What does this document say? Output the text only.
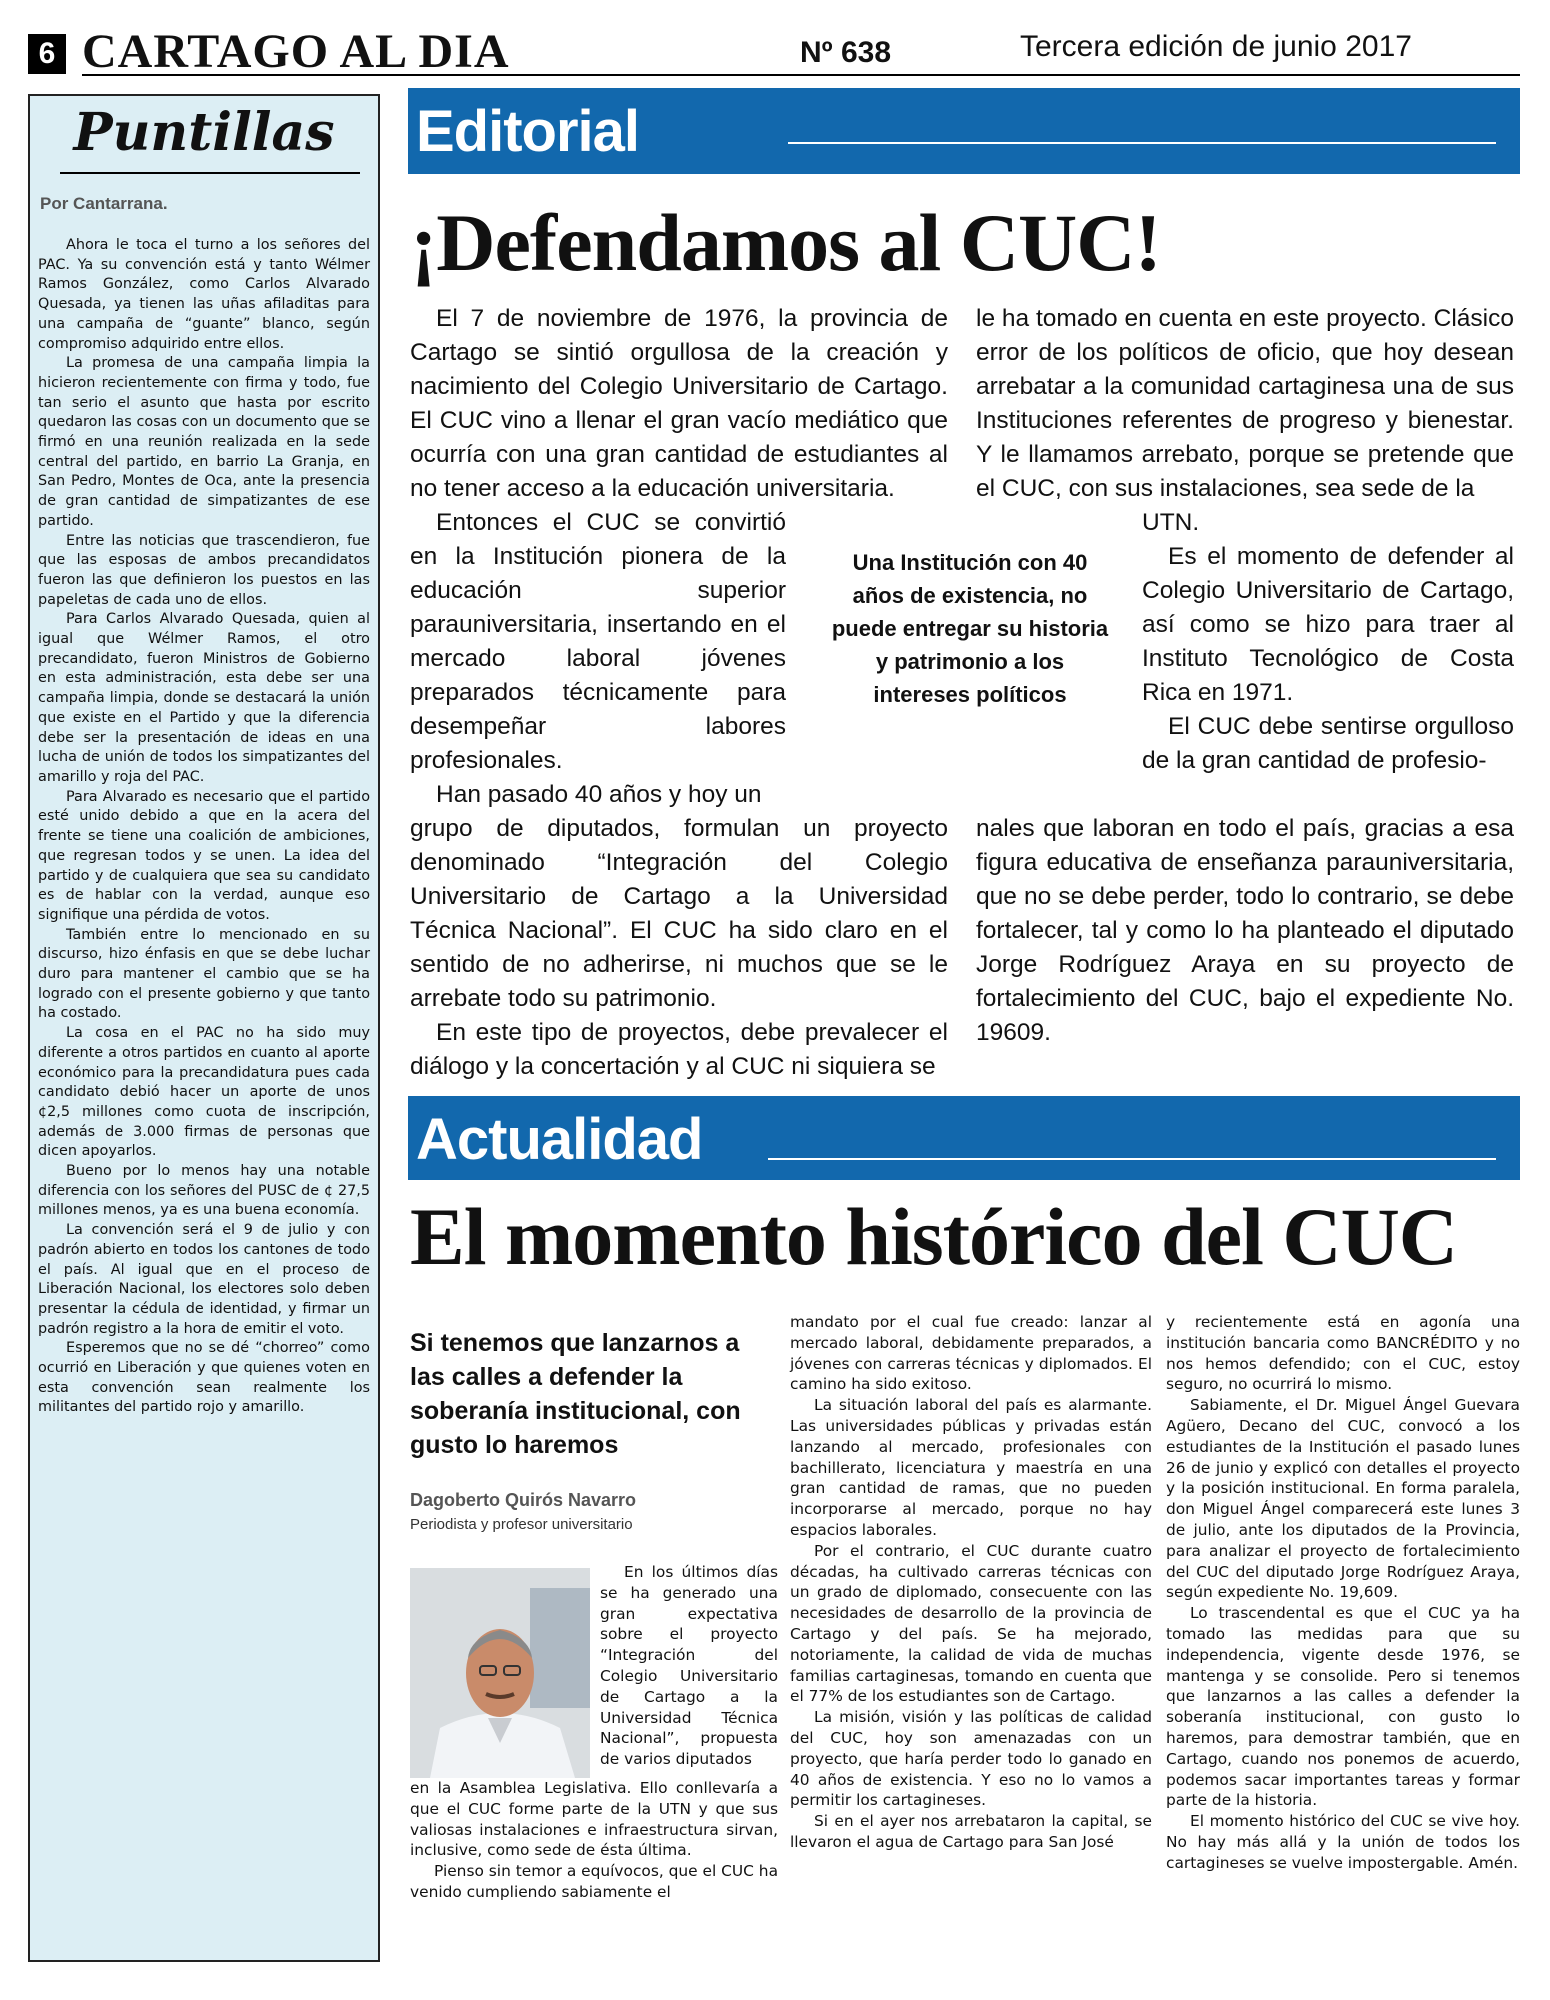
6 CARTAGO AL DIA	Nº 638	Tercera edición de junio 2017
Puntillas
Por Cantarrana.

Ahora le toca el turno a los señores del PAC. Ya su convención está y tanto Wélmer Ramos González, como Carlos Alvarado Quesada, ya tienen las uñas afiladitas para una campaña de “guante” blanco, según compromiso adquirido entre ellos.

La promesa de una campaña limpia la hicieron recientemente con firma y todo, fue tan serio el asunto que hasta por escrito quedaron las cosas con un documento que se firmó en una reunión realizada en la sede central del partido, en barrio La Granja, en San Pedro, Montes de Oca, ante la presencia de gran cantidad de simpatizantes de ese partido.

Entre las noticias que trascendieron, fue que las esposas de ambos precandidatos fueron las que definieron los puestos en las papeletas de cada uno de ellos.

Para Carlos Alvarado Quesada, quien al igual que Wélmer Ramos, el otro precandidato, fueron Ministros de Gobierno en esta administración, esta debe ser una campaña limpia, donde se destacará la unión que existe en el Partido y que la diferencia debe ser la presentación de ideas en una lucha de unión de todos los simpatizantes del amarillo y roja del PAC.

Para Alvarado es necesario que el partido esté unido debido a que en la acera del frente se tiene una coalición de ambiciones, que regresan todos y se unen. La idea del partido y de cualquiera que sea su candidato es de hablar con la verdad, aunque eso signifique una pérdida de votos.

También entre lo mencionado en su discurso, hizo énfasis en que se debe luchar duro para mantener el cambio que se ha logrado con el presente gobierno y que tanto ha costado.

La cosa en el PAC no ha sido muy diferente a otros partidos en cuanto al aporte económico para la precandidatura pues cada candidato debió hacer un aporte de unos ¢2,5 millones como cuota de inscripción, además de 3.000 firmas de personas que dicen apoyarlos.

Bueno por lo menos hay una notable diferencia con los señores del PUSC de ¢ 27,5 millones menos, ya es una buena economía.

La convención será el 9 de julio y con padrón abierto en todos los cantones de todo el país. Al igual que en el proceso de Liberación Nacional, los electores solo deben presentar la cédula de identidad, y firmar un padrón registro a la hora de emitir el voto.

Esperemos que no se dé “chorreo” como ocurrió en Liberación y que quienes voten en esta convención sean realmente los militantes del partido rojo y amarillo.

Editorial
¡Defendamos al CUC!

El 7 de noviembre de 1976, la provincia de Cartago se sintió orgullosa de la creación y nacimiento del Colegio Universitario de Cartago. El CUC vino a llenar el gran vacío mediático que ocurría con una gran cantidad de estudiantes al no tener acceso a la educación universitaria.

Entonces el CUC se convirtió en la Institución pionera de la educación superior parauniversitaria, insertando en el mercado laboral jóvenes preparados técnicamente para desempeñar labores profesionales.

Han pasado 40 años y hoy un

grupo de diputados, formulan un proyecto denominado “Integración del Colegio Universitario de Cartago a la Universidad Técnica Nacional”. El CUC ha sido claro en el sentido de no adherirse, ni muchos que se le arrebate todo su patrimonio.

En este tipo de proyectos, debe prevalecer el diálogo y la concertación y al CUC ni siquiera se

le ha tomado en cuenta en este proyecto. Clásico error de los políticos de oficio, que hoy desean arrebatar a la comunidad cartaginesa una de sus Instituciones referentes de progreso y bienestar. Y le llamamos arrebato, porque se pretende que el CUC, con sus instalaciones, sea sede de la

UTN.

Es el momento de defender al Colegio Universitario de Cartago, así como se hizo para traer al Instituto Tecnológico de Costa Rica en 1971.

El CUC debe sentirse orgulloso de la gran cantidad de profesio-

nales que laboran en todo el país, gracias a esa figura educativa de enseñanza parauniversitaria, que no se debe perder, todo lo contrario, se debe fortalecer, tal y como lo ha planteado el diputado Jorge Rodríguez Araya en su proyecto de fortalecimiento del CUC, bajo el expediente No. 19609.

Una Institución con 40 años de existencia, no puede entregar su historia y patrimonio a los intereses políticos
Actualidad
El momento histórico del CUC
Si tenemos que lanzarnos a las calles a defender la soberanía institucional, con gusto lo haremos
Dagoberto Quirós Navarro
Periodista y profesor universitario

En los últimos días se ha generado una gran expectativa sobre el proyecto “Integración del Colegio Universitario de Cartago a la Universidad Técnica Nacional”, propuesta de varios diputados

en la Asamblea Legislativa. Ello conllevaría a que el CUC forme parte de la UTN y que sus valiosas instalaciones e infraestructura sirvan, inclusive, como sede de ésta última.

Pienso sin temor a equívocos, que el CUC ha venido cumpliendo sabiamente el

mandato por el cual fue creado: lanzar al mercado laboral, debidamente preparados, a jóvenes con carreras técnicas y diplomados. El camino ha sido exitoso.

La situación laboral del país es alarmante. Las universidades públicas y privadas están lanzando al mercado, profesionales con bachillerato, licenciatura y maestría en una gran cantidad de ramas, que no pueden incorporarse al mercado, porque no hay espacios laborales.

Por el contrario, el CUC durante cuatro décadas, ha cultivado carreras técnicas con un grado de diplomado, consecuente con las necesidades de desarrollo de la provincia de Cartago y del país. Se ha mejorado, notoriamente, la calidad de vida de muchas familias cartaginesas, tomando en cuenta que el 77% de los estudiantes son de Cartago.

La misión, visión y las políticas de calidad del CUC, hoy son amenazadas con un proyecto, que haría perder todo lo ganado en 40 años de existencia. Y eso no lo vamos a permitir los cartagineses.

Si en el ayer nos arrebataron la capital, se llevaron el agua de Cartago para San José

y recientemente está en agonía una institución bancaria como BANCRÉDITO y no nos hemos defendido; con el CUC, estoy seguro, no ocurrirá lo mismo.

Sabiamente, el Dr. Miguel Ángel Guevara Agüero, Decano del CUC, convocó a los estudiantes de la Institución el pasado lunes 26 de junio y explicó con detalles el proyecto y la posición institucional. En forma paralela, don Miguel Ángel comparecerá este lunes 3 de julio, ante los diputados de la Provincia, para analizar el proyecto de fortalecimiento del CUC del diputado Jorge Rodríguez Araya, según expediente No. 19,609.

Lo trascendental es que el CUC ya ha tomado las medidas para que su independencia, vigente desde 1976, se mantenga y se consolide. Pero si tenemos que lanzarnos a las calles a defender la soberanía institucional, con gusto lo haremos, para demostrar también, que en Cartago, cuando nos ponemos de acuerdo, podemos sacar importantes tareas y formar parte de la historia.

El momento histórico del CUC se vive hoy. No hay más allá y la unión de todos los cartagineses se vuelve impostergable. Amén.
